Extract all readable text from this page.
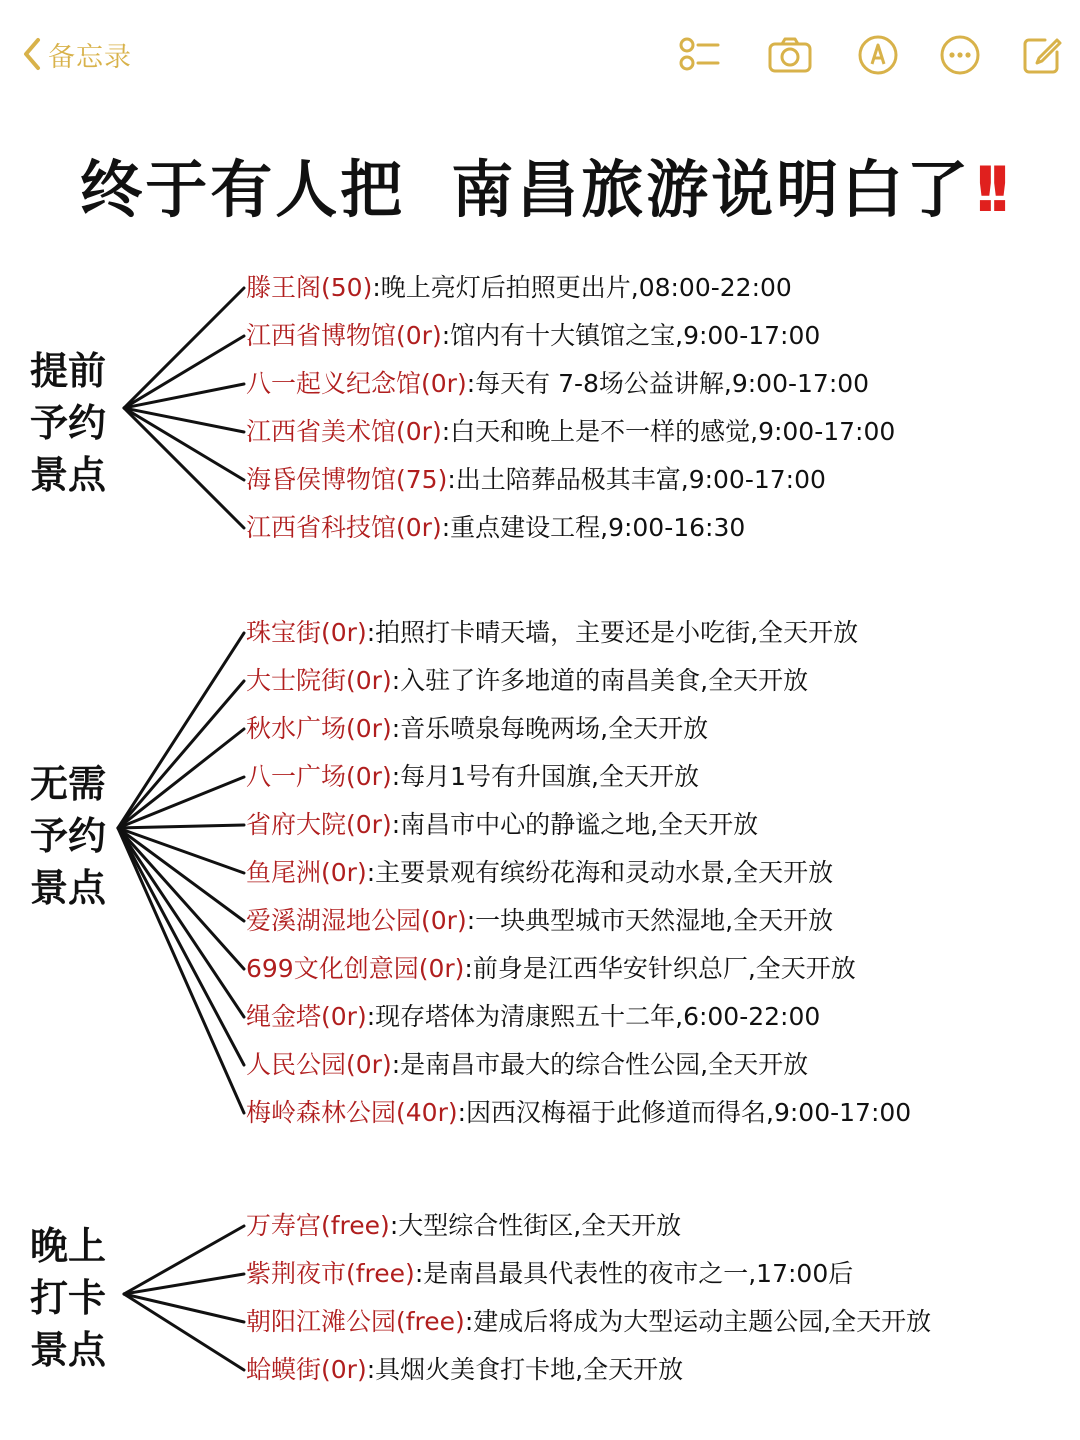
备忘录
终于有人把 南昌旅游说明白了!!
提前
予约
景点
滕王阁(50):晚上亮灯后拍照更出片,08:00-22:00
江西省博物馆(0r):馆内有十大镇馆之宝,9:00-17:00
八一起义纪念馆(0r):每天有 7-8场公益讲解,9:00-17:00
江西省美术馆(0r):白天和晚上是不一样的感觉,9:00-17:00
海昏侯博物馆(75):出土陪葬品极其丰富,9:00-17:00
江西省科技馆(0r):重点建设工程,9:00-16:30
无需
予约
景点
珠宝街(0r):拍照打卡晴天墙，主要还是小吃街,全天开放
大士院街(0r):入驻了许多地道的南昌美食,全天开放
秋水广场(0r):音乐喷泉每晚两场,全天开放
八一广场(0r):每月1号有升国旗,全天开放
省府大院(0r):南昌市中心的静谧之地,全天开放
鱼尾洲(0r):主要景观有缤纷花海和灵动水景,全天开放
爱溪湖湿地公园(0r):一块典型城市天然湿地,全天开放
699文化创意园(0r):前身是江西华安针织总厂,全天开放
绳金塔(0r):现存塔体为清康熙五十二年,6:00-22:00
人民公园(0r):是南昌市最大的综合性公园,全天开放
梅岭森林公园(40r):因西汉梅福于此修道而得名,9:00-17:00
晚上
打卡
景点
万寿宫(free):大型综合性街区,全天开放
紫荆夜市(free):是南昌最具代表性的夜市之一,17:00后
朝阳江滩公园(free):建成后将成为大型运动主题公园,全天开放
蛤蟆街(0r):具烟火美食打卡地,全天开放
